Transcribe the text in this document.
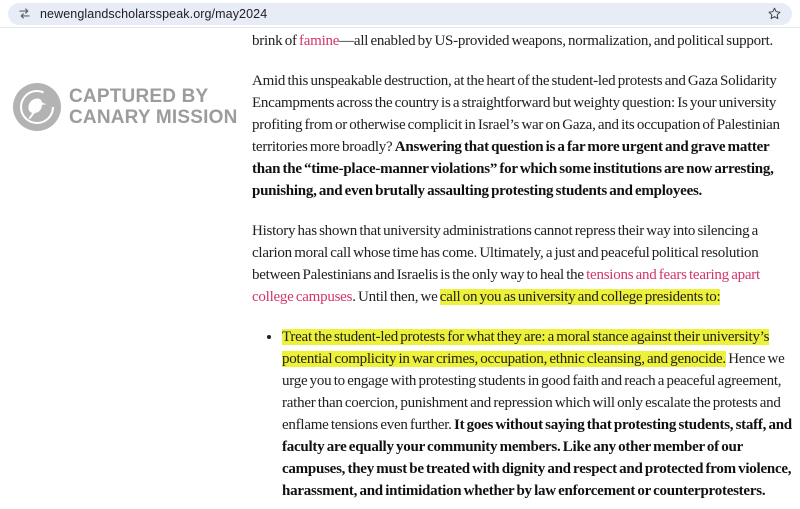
newenglandscholarsspeak.org/may2024
CAPTURED BY
CANARY MISSION

brink of famine—all enabled by US-provided weapons, normalization, and political support.

Amid this unspeakable destruction, at the heart of the student-led protests and Gaza Solidarity Encampments across the country is a straightforward but weighty question: Is your university profiting from or otherwise complicit in Israel’s war on Gaza, and its occupation of Palestinian territories more broadly? Answering that question is a far more urgent and grave matter than the “time-place-manner violations” for which some institutions are now arresting, punishing, and even brutally assaulting protesting students and employees.

History has shown that university administrations cannot repress their way into silencing a clarion moral call whose time has come. Ultimately, a just and peaceful political resolution between Palestinians and Israelis is the only way to heal the tensions and fears tearing apart college campuses. Until then, we call on you as university and college presidents to:

• Treat the student-led protests for what they are: a moral stance against their university’s potential complicity in war crimes, occupation, ethnic cleansing, and genocide. Hence we urge you to engage with protesting students in good faith and reach a peaceful agreement, rather than coercion, punishment and repression which will only escalate the protests and enflame tensions even further. It goes without saying that protesting students, staff, and faculty are equally your community members. Like any other member of our campuses, they must be treated with dignity and respect and protected from violence, harassment, and intimidation whether by law enforcement or counterprotesters.
